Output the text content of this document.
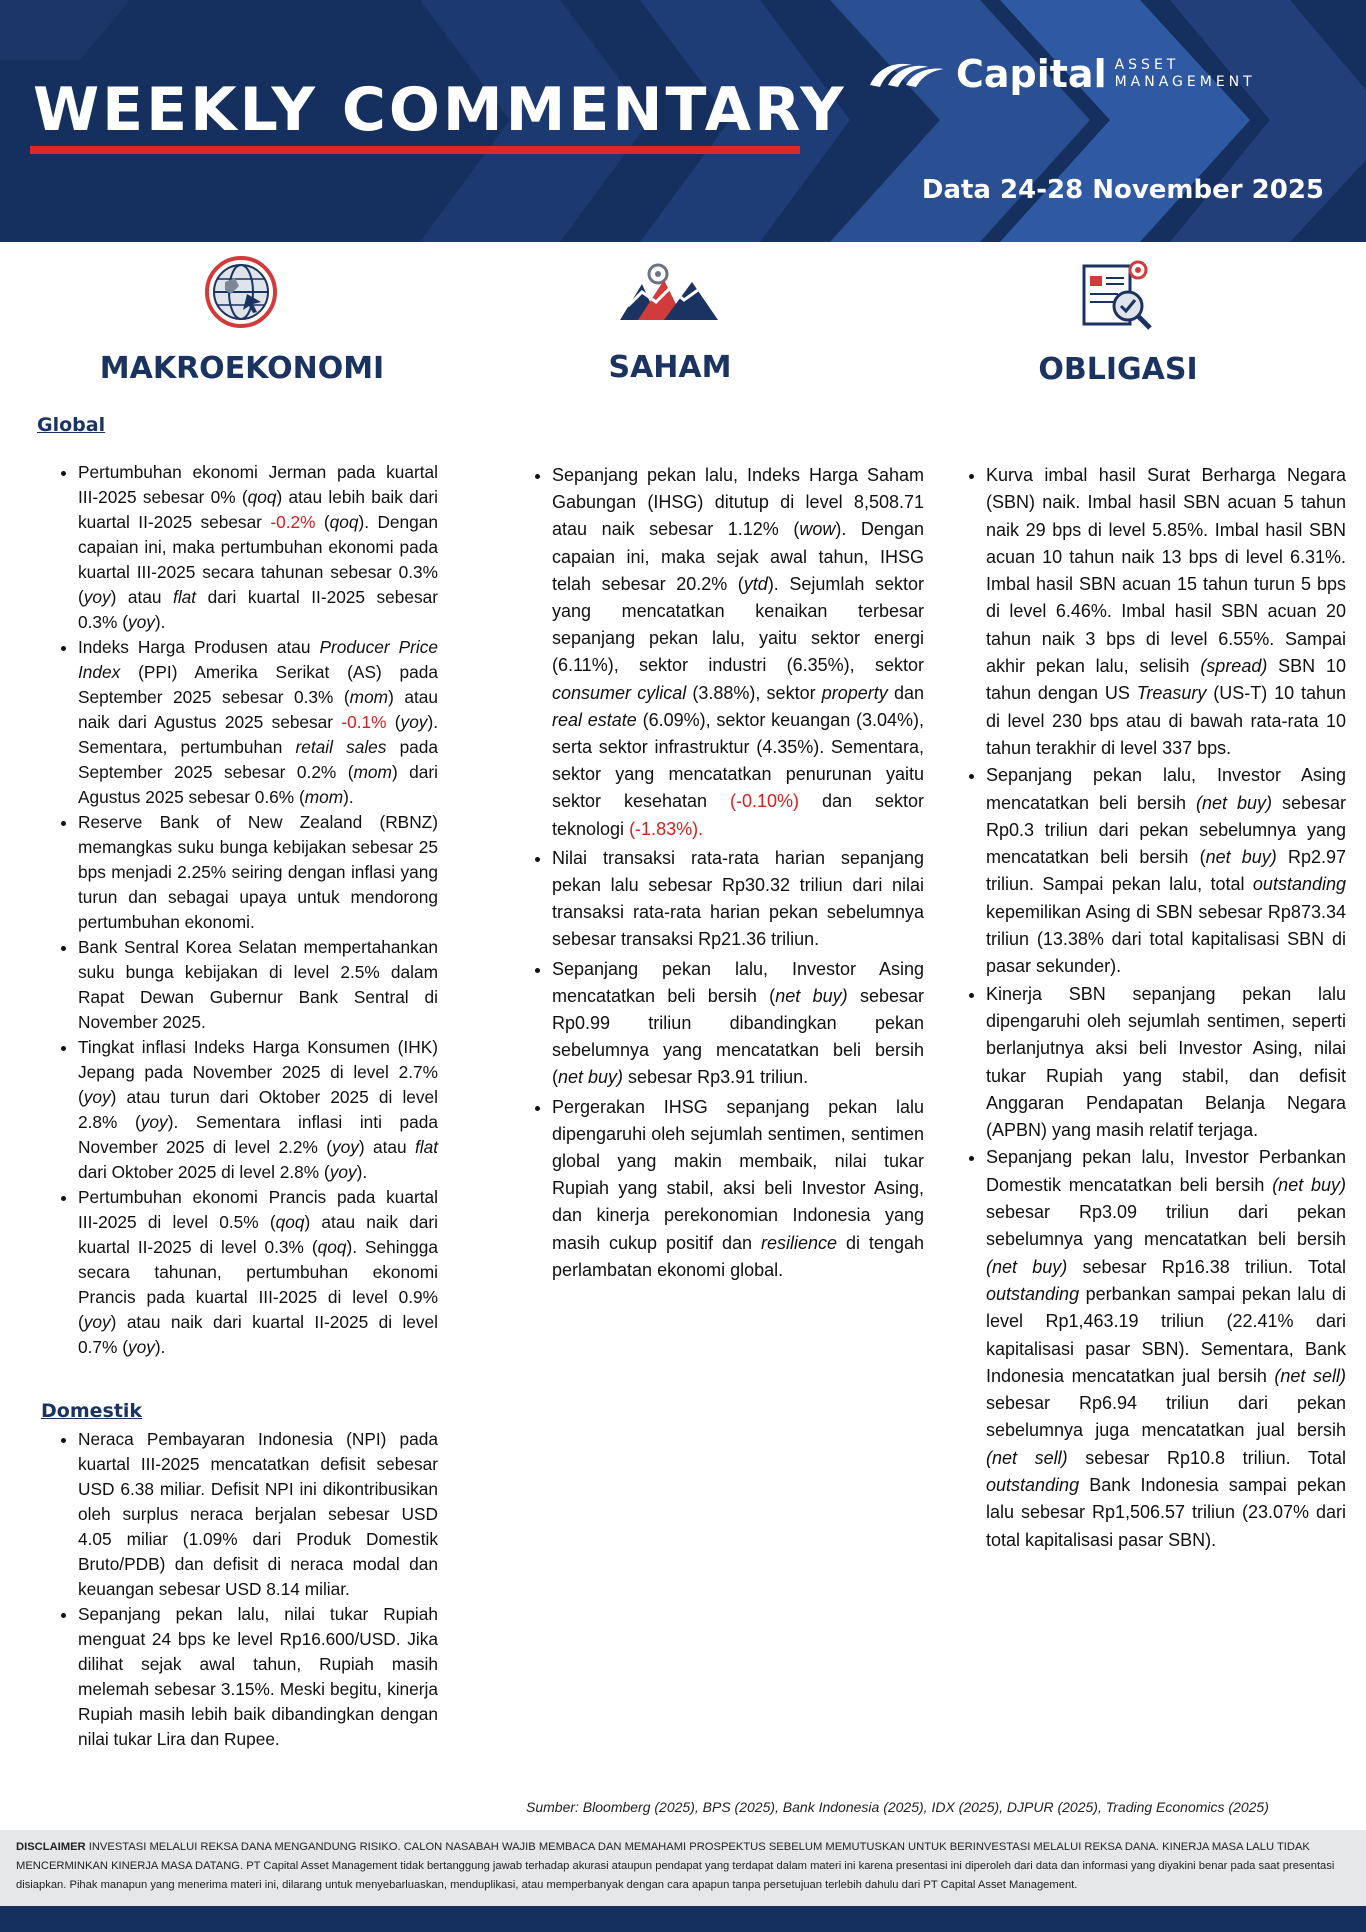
WEEKLY COMMENTARY
Capital ASSET
MANAGEMENT
Data 24-28 November 2025
MAKROEKONOMI	SAHAM	OBLIGASI
Global
• Pertumbuhan ekonomi Jerman pada kuartal III-2025 sebesar 0% (qoq) atau lebih baik dari kuartal II-2025 sebesar -0.2% (qoq). Dengan capaian ini, maka pertumbuhan ekonomi pada kuartal III-2025 secara tahunan sebesar 0.3% (yoy) atau flat dari kuartal II-2025 sebesar 0.3% (yoy).
• Indeks Harga Produsen atau Producer Price Index (PPI) Amerika Serikat (AS) pada September 2025 sebesar 0.3% (mom) atau naik dari Agustus 2025 sebesar -0.1% (yoy). Sementara, pertumbuhan retail sales pada September 2025 sebesar 0.2% (mom) dari Agustus 2025 sebesar 0.6% (mom).
• Reserve Bank of New Zealand (RBNZ) memangkas suku bunga kebijakan sebesar 25 bps menjadi 2.25% seiring dengan inflasi yang turun dan sebagai upaya untuk mendorong pertumbuhan ekonomi.
• Bank Sentral Korea Selatan mempertahankan suku bunga kebijakan di level 2.5% dalam Rapat Dewan Gubernur Bank Sentral di November 2025.
• Tingkat inflasi Indeks Harga Konsumen (IHK) Jepang pada November 2025 di level 2.7% (yoy) atau turun dari Oktober 2025 di level 2.8% (yoy). Sementara inflasi inti pada November 2025 di level 2.2% (yoy) atau flat dari Oktober 2025 di level 2.8% (yoy).
• Pertumbuhan ekonomi Prancis pada kuartal III-2025 di level 0.5% (qoq) atau naik dari kuartal II-2025 di level 0.3% (qoq). Sehingga secara tahunan, pertumbuhan ekonomi Prancis pada kuartal III-2025 di level 0.9% (yoy) atau naik dari kuartal II-2025 di level 0.7% (yoy).
Domestik
• Neraca Pembayaran Indonesia (NPI) pada kuartal III-2025 mencatatkan defisit sebesar USD 6.38 miliar. Defisit NPI ini dikontribusikan oleh surplus neraca berjalan sebesar USD 4.05 miliar (1.09% dari Produk Domestik Bruto/PDB) dan defisit di neraca modal dan keuangan sebesar USD 8.14 miliar.
• Sepanjang pekan lalu, nilai tukar Rupiah menguat 24 bps ke level Rp16.600/USD. Jika dilihat sejak awal tahun, Rupiah masih melemah sebesar 3.15%. Meski begitu, kinerja Rupiah masih lebih baik dibandingkan dengan nilai tukar Lira dan Rupee.
• Sepanjang pekan lalu, Indeks Harga Saham Gabungan (IHSG) ditutup di level 8,508.71 atau naik sebesar 1.12% (wow). Dengan capaian ini, maka sejak awal tahun, IHSG telah sebesar 20.2% (ytd). Sejumlah sektor yang mencatatkan kenaikan terbesar sepanjang pekan lalu, yaitu sektor energi (6.11%), sektor industri (6.35%), sektor consumer cylical (3.88%), sektor property dan real estate (6.09%), sektor keuangan (3.04%), serta sektor infrastruktur (4.35%). Sementara, sektor yang mencatatkan penurunan yaitu sektor kesehatan (-0.10%) dan sektor teknologi (-1.83%).
• Nilai transaksi rata-rata harian sepanjang pekan lalu sebesar Rp30.32 triliun dari nilai transaksi rata-rata harian pekan sebelumnya sebesar transaksi Rp21.36 triliun.
• Sepanjang pekan lalu, Investor Asing mencatatkan beli bersih (net buy) sebesar Rp0.99 triliun dibandingkan pekan sebelumnya yang mencatatkan beli bersih (net buy) sebesar Rp3.91 triliun.
• Pergerakan IHSG sepanjang pekan lalu dipengaruhi oleh sejumlah sentimen, sentimen global yang makin membaik, nilai tukar Rupiah yang stabil, aksi beli Investor Asing, dan kinerja perekonomian Indonesia yang masih cukup positif dan resilience di tengah perlambatan ekonomi global.
• Kurva imbal hasil Surat Berharga Negara (SBN) naik. Imbal hasil SBN acuan 5 tahun naik 29 bps di level 5.85%. Imbal hasil SBN acuan 10 tahun naik 13 bps di level 6.31%. Imbal hasil SBN acuan 15 tahun turun 5 bps di level 6.46%. Imbal hasil SBN acuan 20 tahun naik 3 bps di level 6.55%. Sampai akhir pekan lalu, selisih (spread) SBN 10 tahun dengan US Treasury (US-T) 10 tahun di level 230 bps atau di bawah rata-rata 10 tahun terakhir di level 337 bps.
• Sepanjang pekan lalu, Investor Asing mencatatkan beli bersih (net buy) sebesar Rp0.3 triliun dari pekan sebelumnya yang mencatatkan beli bersih (net buy) Rp2.97 triliun. Sampai pekan lalu, total outstanding kepemilikan Asing di SBN sebesar Rp873.34 triliun (13.38% dari total kapitalisasi SBN di pasar sekunder).
• Kinerja SBN sepanjang pekan lalu dipengaruhi oleh sejumlah sentimen, seperti berlanjutnya aksi beli Investor Asing, nilai tukar Rupiah yang stabil, dan defisit Anggaran Pendapatan Belanja Negara (APBN) yang masih relatif terjaga.
• Sepanjang pekan lalu, Investor Perbankan Domestik mencatatkan beli bersih (net buy) sebesar Rp3.09 triliun dari pekan sebelumnya yang mencatatkan beli bersih (net buy) sebesar Rp16.38 triliun. Total outstanding perbankan sampai pekan lalu di level Rp1,463.19 triliun (22.41% dari kapitalisasi pasar SBN). Sementara, Bank Indonesia mencatatkan jual bersih (net sell) sebesar Rp6.94 triliun dari pekan sebelumnya juga mencatatkan jual bersih (net sell) sebesar Rp10.8 triliun. Total outstanding Bank Indonesia sampai pekan lalu sebesar Rp1,506.57 triliun (23.07% dari total kapitalisasi pasar SBN).
Sumber: Bloomberg (2025), BPS (2025), Bank Indonesia (2025), IDX (2025), DJPUR (2025), Trading Economics (2025)

DISCLAIMER INVESTASI MELALUI REKSA DANA MENGANDUNG RISIKO. CALON NASABAH WAJIB MEMBACA DAN MEMAHAMI PROSPEKTUS SEBELUM MEMUTUSKAN UNTUK BERINVESTASI MELALUI REKSA DANA. KINERJA MASA LALU TIDAK MENCERMINKAN KINERJA MASA DATANG. PT Capital Asset Management tidak bertanggung jawab terhadap akurasi ataupun pendapat yang terdapat dalam materi ini karena presentasi ini diperoleh dari data dan informasi yang diyakini benar pada saat presentasi disiapkan. Pihak manapun yang menerima materi ini, dilarang untuk menyebarluaskan, menduplikasi, atau memperbanyak dengan cara apapun tanpa persetujuan terlebih dahulu dari PT Capital Asset Management.
